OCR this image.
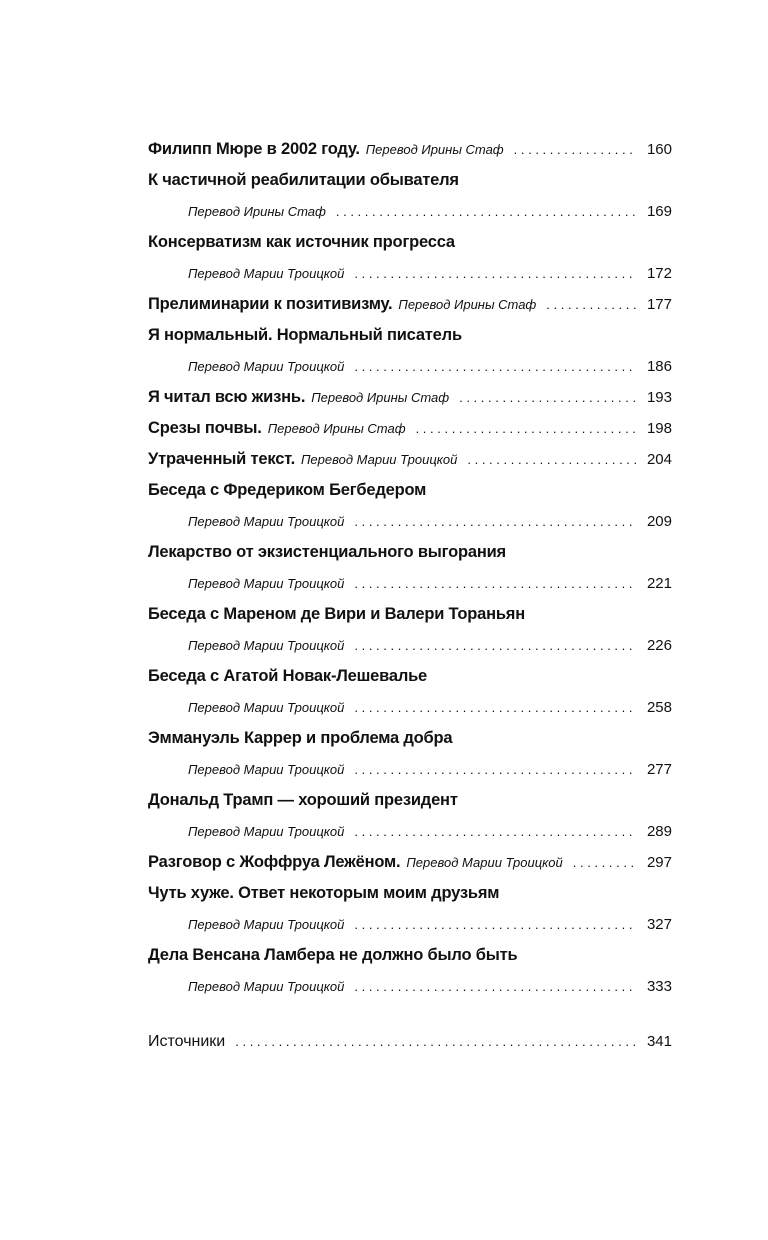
Филипп Мюре в 2002 году. Перевод Ирины Стаф . . .	160
К частичной реабилитации обывателя
Перевод Ирины Стаф . . .	169
Консерватизм как источник прогресса
Перевод Марии Троицкой . . .	172
Прелиминарии к позитивизму. Перевод Ирины Стаф . . .	177
Я нормальный. Нормальный писатель
Перевод Марии Троицкой . . .	186
Я читал всю жизнь. Перевод Ирины Стаф . . .	193
Срезы почвы. Перевод Ирины Стаф . . .	198
Утраченный текст. Перевод Марии Троицкой . . .	204
Беседа с Фредериком Бегбедером
Перевод Марии Троицкой . . .	209
Лекарство от экзистенциального выгорания
Перевод Марии Троицкой . . .	221
Беседа с Мареном де Вири и Валери Тораньян
Перевод Марии Троицкой . . .	226
Беседа с Агатой Новак-Лешевалье
Перевод Марии Троицкой . . .	258
Эммануэль Каррер и проблема добра
Перевод Марии Троицкой . . .	277
Дональд Трамп — хороший президент
Перевод Марии Троицкой . . .	289
Разговор с Жоффруа Лежёном. Перевод Марии Троицкой . . .	297
Чуть хуже. Ответ некоторым моим друзьям
Перевод Марии Троицкой . . .	327
Дела Венсана Ламбера не должно было быть
Перевод Марии Троицкой . . .	333
Источники . . .	341
